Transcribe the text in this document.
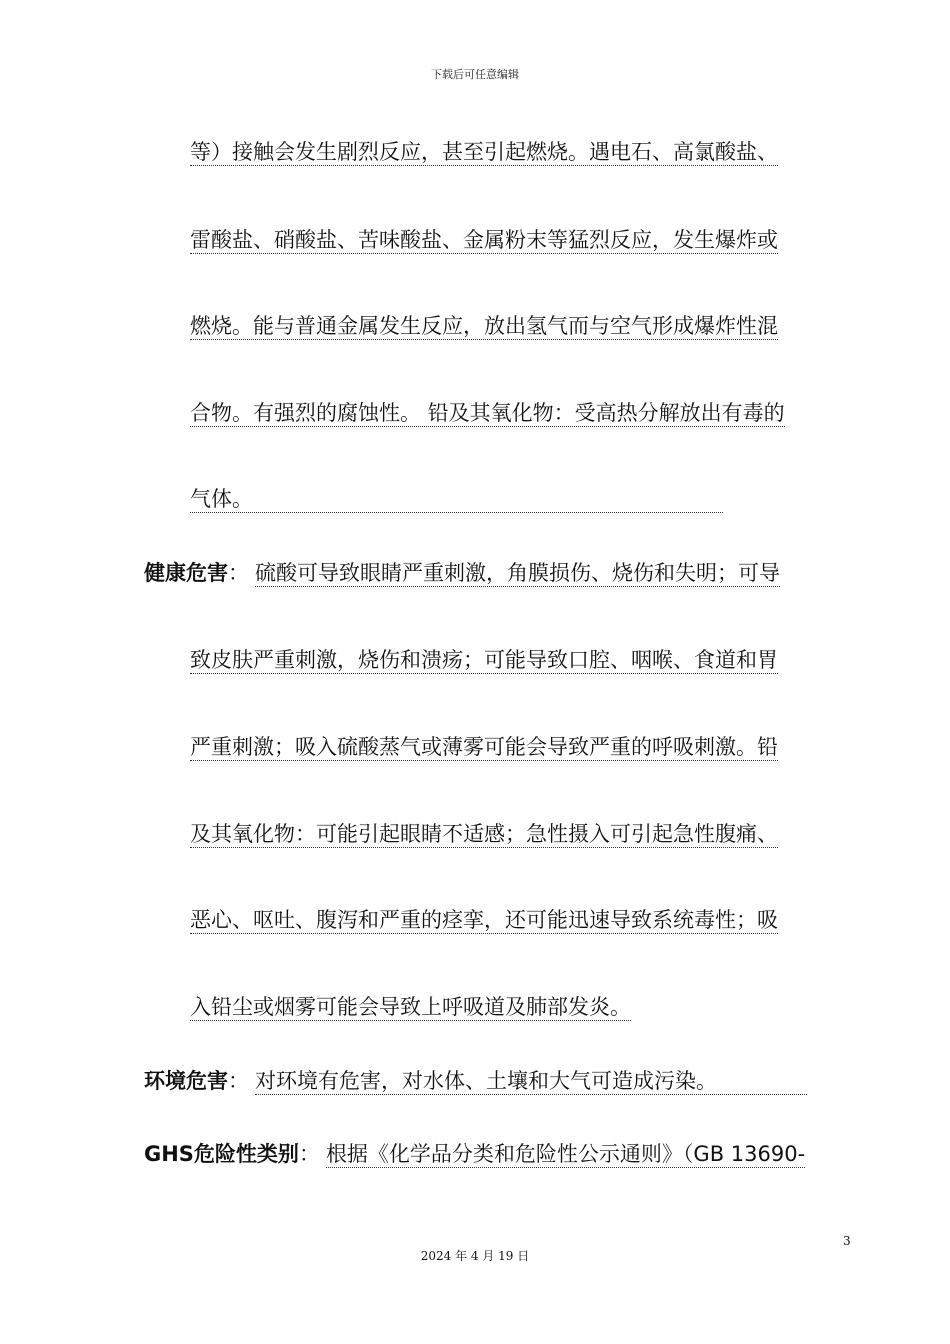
下载后可任意编辑
等）接触会发生剧烈反应，甚至引起燃烧。遇电石、高氯酸盐、
雷酸盐、硝酸盐、苦味酸盐、金属粉末等猛烈反应，发生爆炸或
燃烧。能与普通金属发生反应，放出氢气而与空气形成爆炸性混
合物。有强烈的腐蚀性。 铅及其氧化物：受高热分解放出有毒的
气体。
健康危害： 硫酸可导致眼睛严重刺激，角膜损伤、烧伤和失明；可导
致皮肤严重刺激，烧伤和溃疡；可能导致口腔、咽喉、食道和胃
严重刺激；吸入硫酸蒸气或薄雾可能会导致严重的呼吸刺激。铅
及其氧化物：可能引起眼睛不适感；急性摄入可引起急性腹痛、
恶心、呕吐、腹泻和严重的痉挛，还可能迅速导致系统毒性；吸
入铅尘或烟雾可能会导致上呼吸道及肺部发炎。
环境危害： 对环境有危害，对水体、土壤和大气可造成污染。
GHS危险性类别： 根据《化学品分类和危险性公示通则》（GB 13690-
3
2024 年 4 月 19 日
